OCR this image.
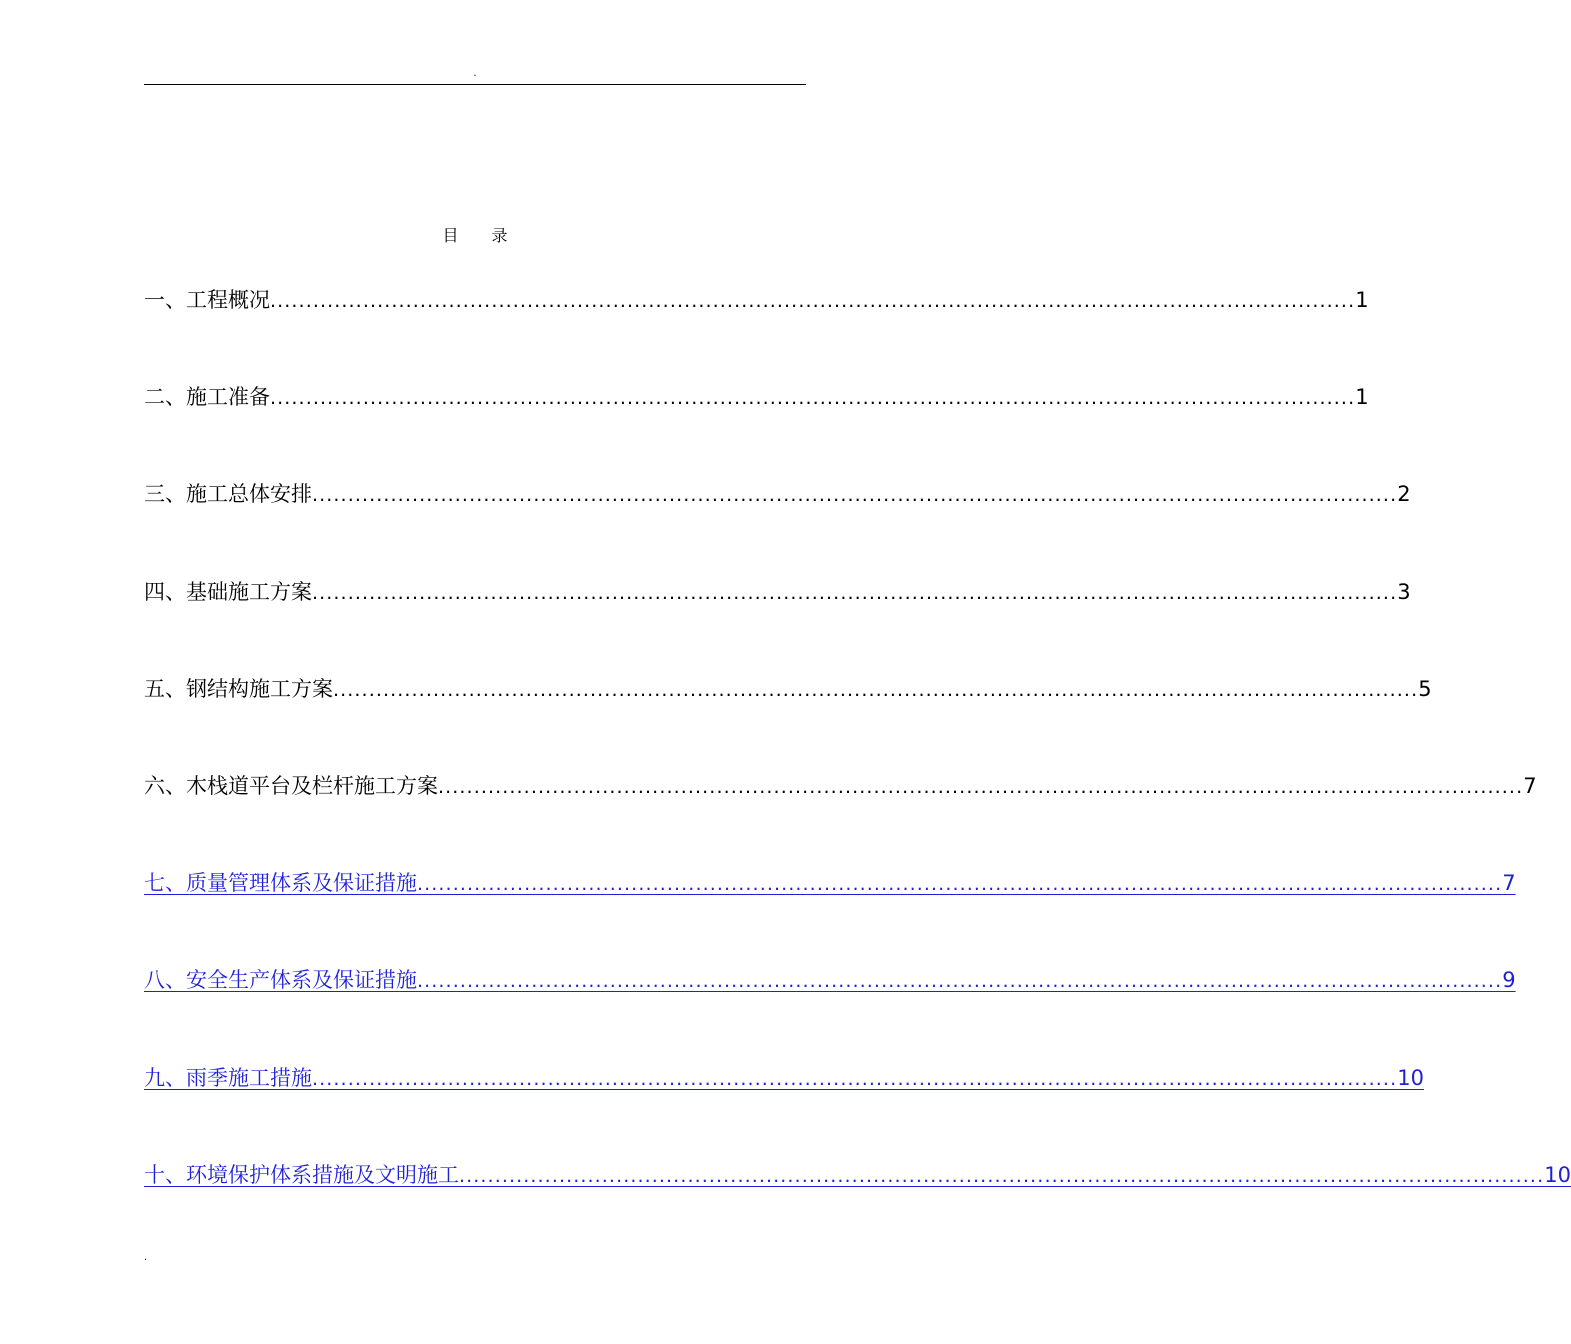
.
目 录
一、工程概况 ........................................................................................................................................................ 1
二、施工准备 ........................................................................................................................................................ 1
三、施工总体安排 ........................................................................................................................................................ 2
四、基础施工方案 ........................................................................................................................................................ 3
五、钢结构施工方案 ........................................................................................................................................................ 5
六、木栈道平台及栏杆施工方案 ........................................................................................................................................................ 7
七、质量管理体系及保证措施 ........................................................................................................................................................ 7
八、安全生产体系及保证措施 ........................................................................................................................................................ 9
九、雨季施工措施 ........................................................................................................................................................ 10
十、环境保护体系措施及文明施工 ........................................................................................................................................................ 10
.
